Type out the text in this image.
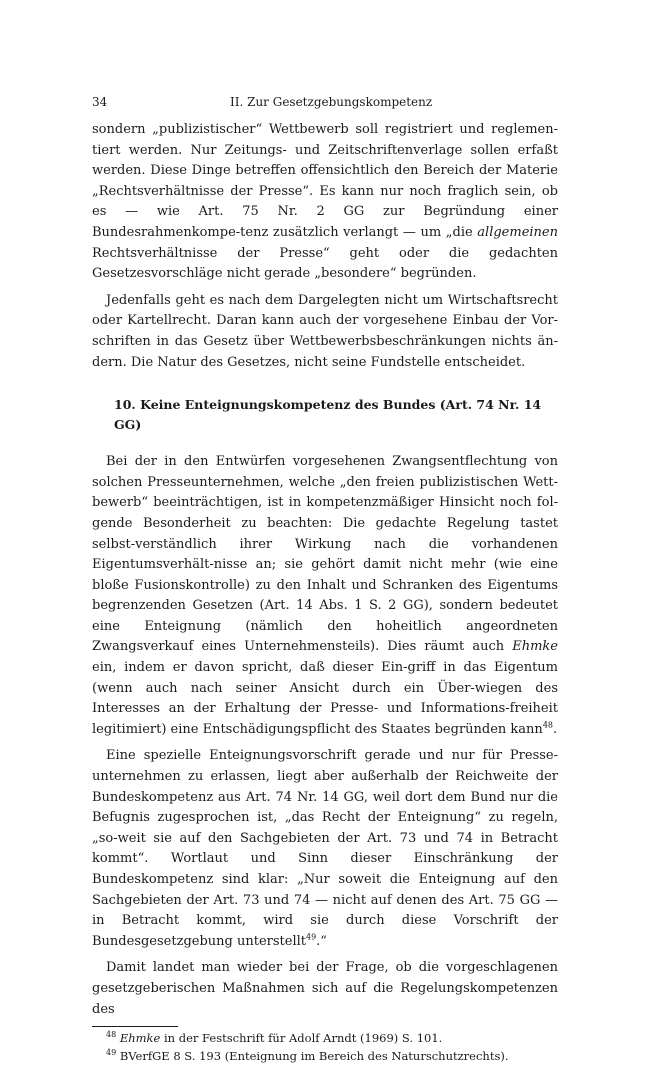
34	II. Zur Gesetzgebungskompetenz

sondern „publizistischer“ Wettbewerb soll registriert und reglemen-tiert werden. Nur Zeitungs- und Zeitschriftenverlage sollen erfaßt werden. Diese Dinge betreffen offensichtlich den Bereich der Materie „Rechtsverhältnisse der Presse“. Es kann nur noch fraglich sein, ob es — wie Art. 75 Nr. 2 GG zur Begründung einer Bundesrahmenkompe-tenz zusätzlich verlangt — um „die allgemeinen Rechtsverhältnisse der Presse“ geht oder die gedachten Gesetzesvorschläge nicht gerade „besondere“ begründen.

Jedenfalls geht es nach dem Dargelegten nicht um Wirtschaftsrecht oder Kartellrecht. Daran kann auch der vorgesehene Einbau der Vor-schriften in das Gesetz über Wettbewerbsbeschränkungen nichts än-dern. Die Natur des Gesetzes, nicht seine Fundstelle entscheidet.

10. Keine Enteignungskompetenz des Bundes (Art. 74 Nr. 14 GG)

Bei der in den Entwürfen vorgesehenen Zwangsentflechtung von solchen Presseunternehmen, welche „den freien publizistischen Wett-bewerb“ beeinträchtigen, ist in kompetenzmäßiger Hinsicht noch fol-gende Besonderheit zu beachten: Die gedachte Regelung tastet selbst-verständlich ihrer Wirkung nach die vorhandenen Eigentumsverhält-nisse an; sie gehört damit nicht mehr (wie eine bloße Fusionskontrolle) zu den Inhalt und Schranken des Eigentums begrenzenden Gesetzen (Art. 14 Abs. 1 S. 2 GG), sondern bedeutet eine Enteignung (nämlich den hoheitlich angeordneten Zwangsverkauf eines Unternehmensteils). Dies räumt auch Ehmke ein, indem er davon spricht, daß dieser Ein-griff in das Eigentum (wenn auch nach seiner Ansicht durch ein Über-wiegen des Interesses an der Erhaltung der Presse- und Informations-freiheit legitimiert) eine Entschädigungspflicht des Staates begründen kann$^{48}$.

Eine spezielle Enteignungsvorschrift gerade und nur für Presse-unternehmen zu erlassen, liegt aber außerhalb der Reichweite der Bundeskompetenz aus Art. 74 Nr. 14 GG, weil dort dem Bund nur die Befugnis zugesprochen ist, „das Recht der Enteignung“ zu regeln, „so-weit sie auf den Sachgebieten der Art. 73 und 74 in Betracht kommt“. Wortlaut und Sinn dieser Einschränkung der Bundeskompetenz sind klar: „Nur soweit die Enteignung auf den Sachgebieten der Art. 73 und 74 — nicht auf denen des Art. 75 GG — in Betracht kommt, wird sie durch diese Vorschrift der Bundesgesetzgebung unterstellt$^{49}$.“

Damit landet man wieder bei der Frage, ob die vorgeschlagenen gesetzgeberischen Maßnahmen sich auf die Regelungskompetenzen des

$^{48}$ Ehmke in der Festschrift für Adolf Arndt (1969) S. 101.
$^{49}$ BVerfGE 8 S. 193 (Enteignung im Bereich des Naturschutzrechts).
